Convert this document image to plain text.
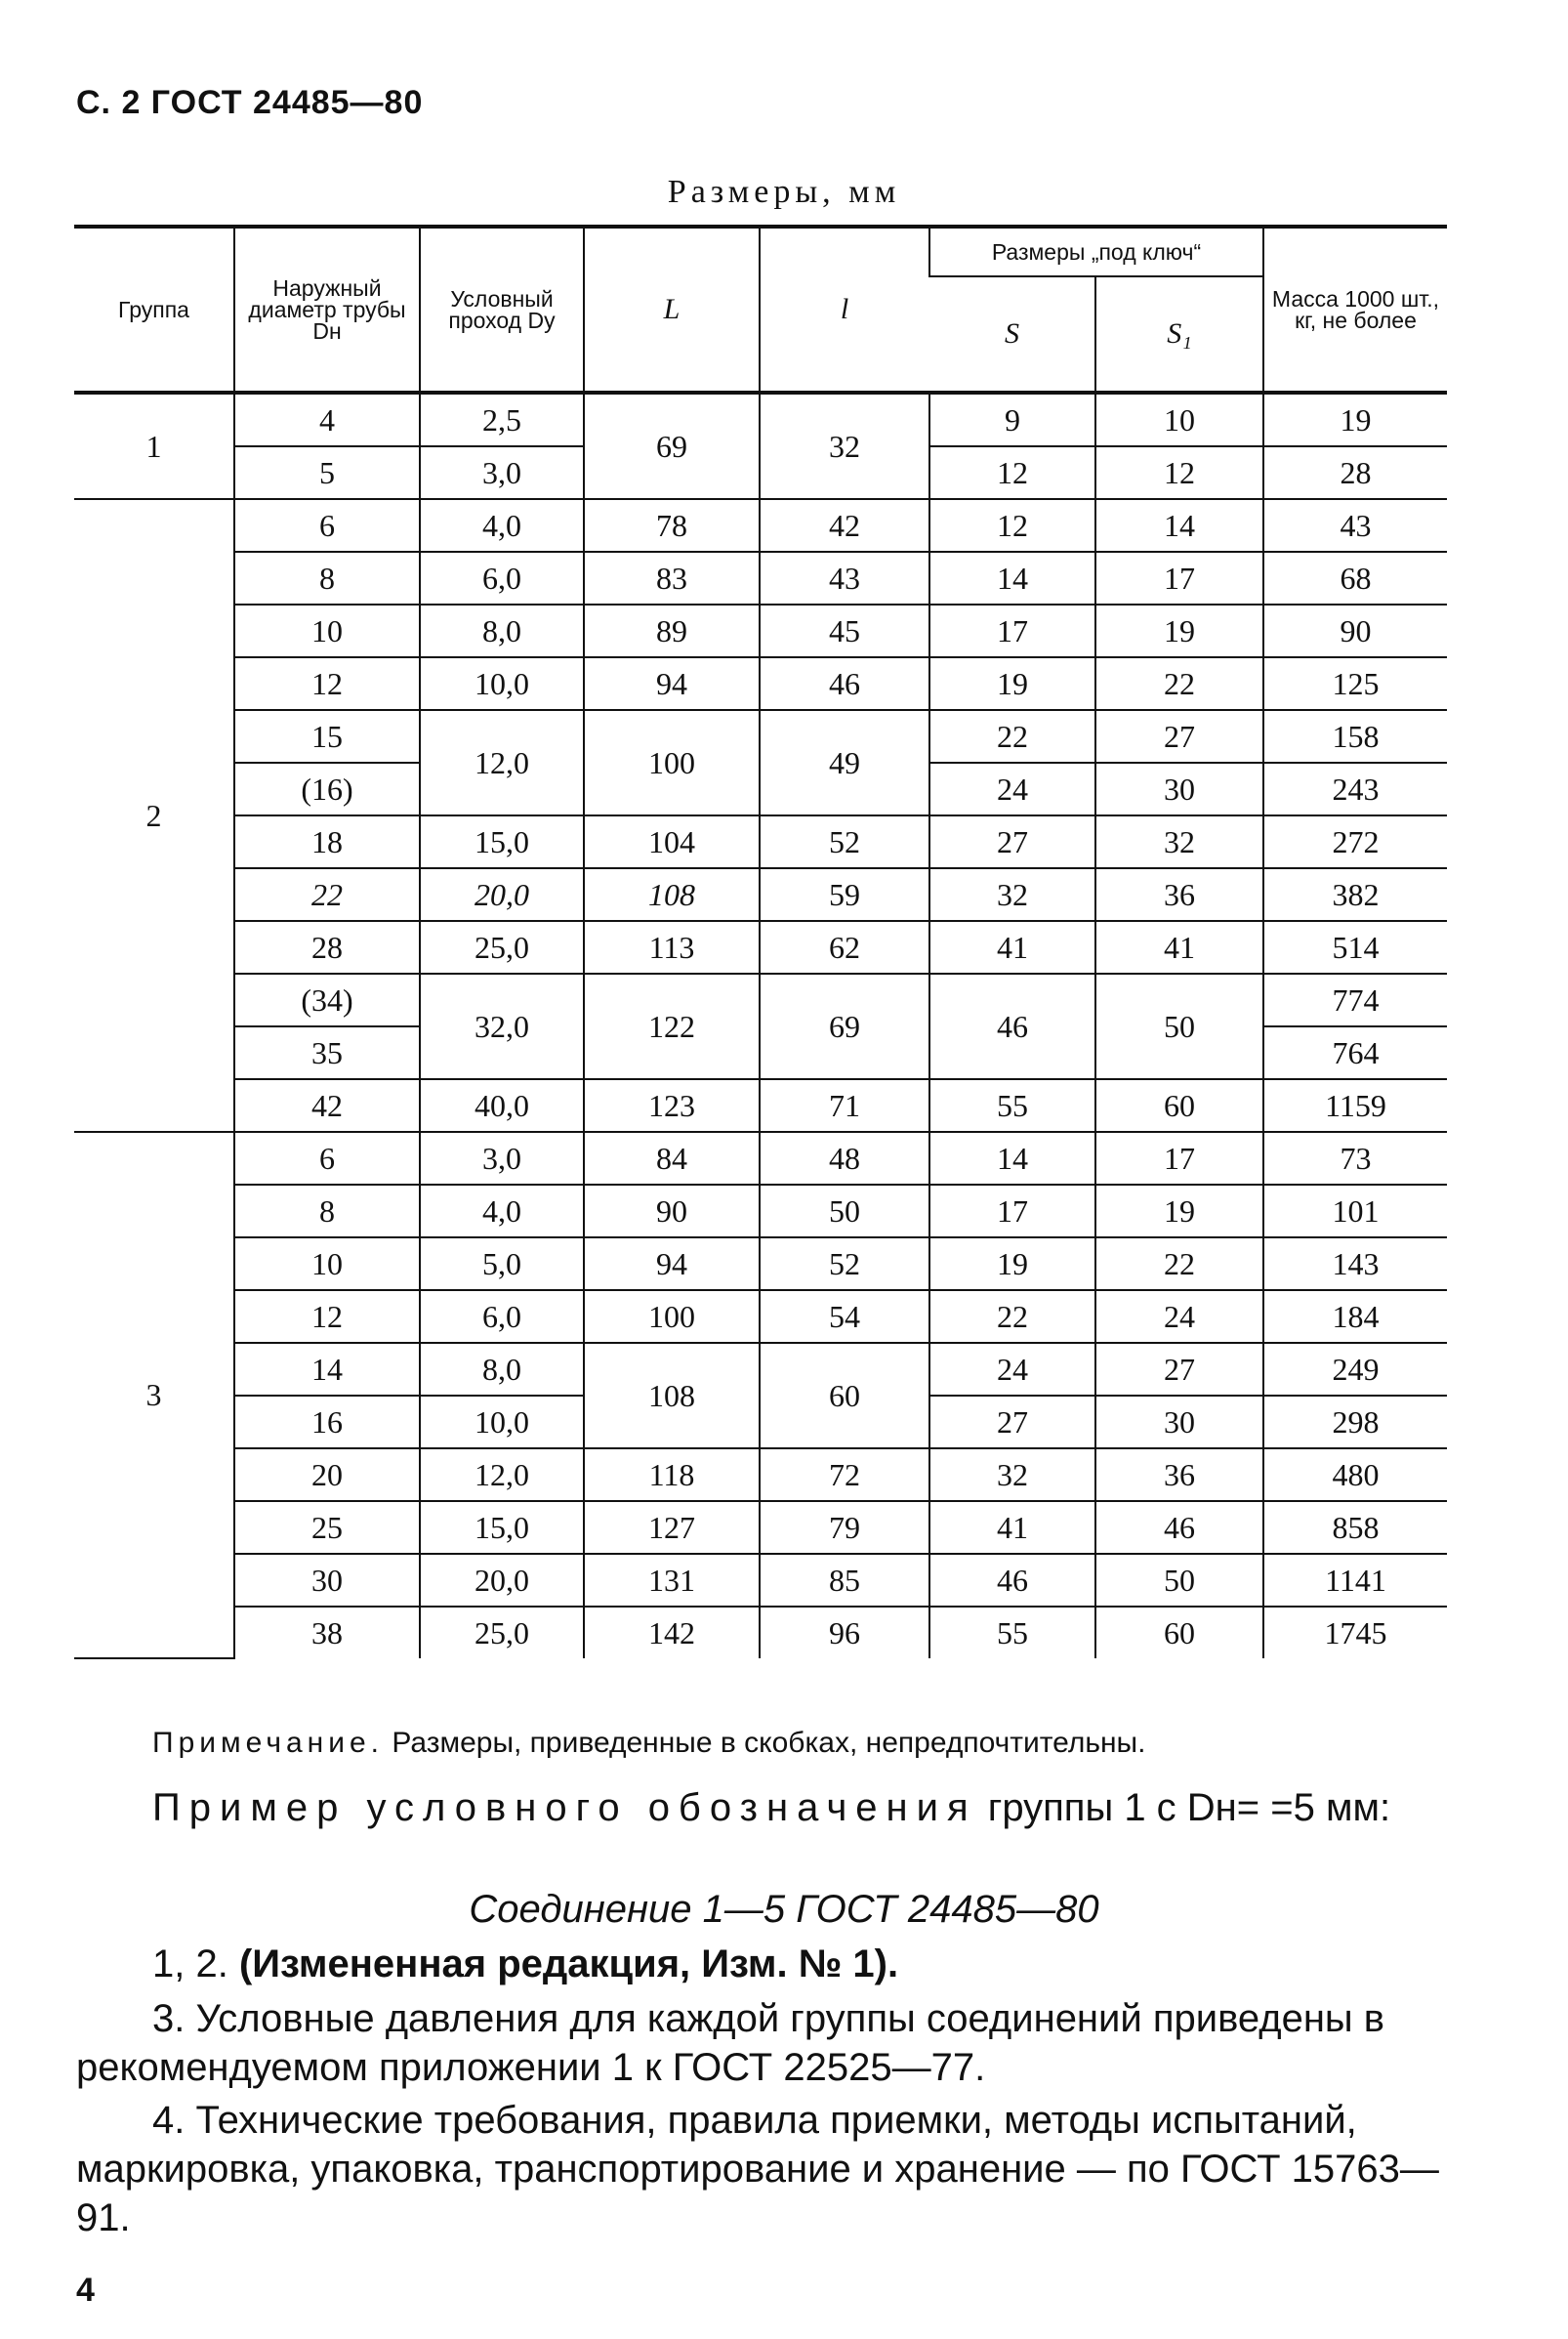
С. 2 ГОСТ 24485—80
Размеры, мм
Группа	Наружный диаметр трубы Dн	Условный проход Dу	L	l	Размеры „под ключ“		Масса 1000 шт., кг, не более
					S	S₁	
1	4	2,5	69	32	9	10	19
	5	3,0			12	12	28
2	6	4,0	78	42	12	14	43
	8	6,0	83	43	14	17	68
	10	8,0	89	45	17	19	90
	12	10,0	94	46	19	22	125
	15	12,0	100	49	22	27	158
	(16)				24	30	243
	18	15,0	104	52	27	32	272
	22	20,0	108	59	32	36	382
	28	25,0	113	62	41	41	514
	(34)	32,0	122	69	46	50	774
	35						764
	42	40,0	123	71	55	60	1159
3	6	3,0	84	48	14	17	73
	8	4,0	90	50	17	19	101
	10	5,0	94	52	19	22	143
	12	6,0	100	54	22	24	184
	14	8,0	108	60	24	27	249
	16	10,0			27	30	298
	20	12,0	118	72	32	36	480
	25	15,0	127	79	41	46	858
	30	20,0	131	85	46	50	1141
	38	25,0	142	96	55	60	1745
Примечание. Размеры, приведенные в скобках, непредпочтительны.
Пример условного обозначения группы 1 с Dн= =5 мм:
Соединение 1—5 ГОСТ 24485—80
1, 2. (Измененная редакция, Изм. № 1).
3. Условные давления для каждой группы соединений приведены в рекомендуемом приложении 1 к ГОСТ 22525—77.
4. Технические требования, правила приемки, методы испытаний, маркировка, упаковка, транспортирование и хранение — по ГОСТ 15763—91.
4
